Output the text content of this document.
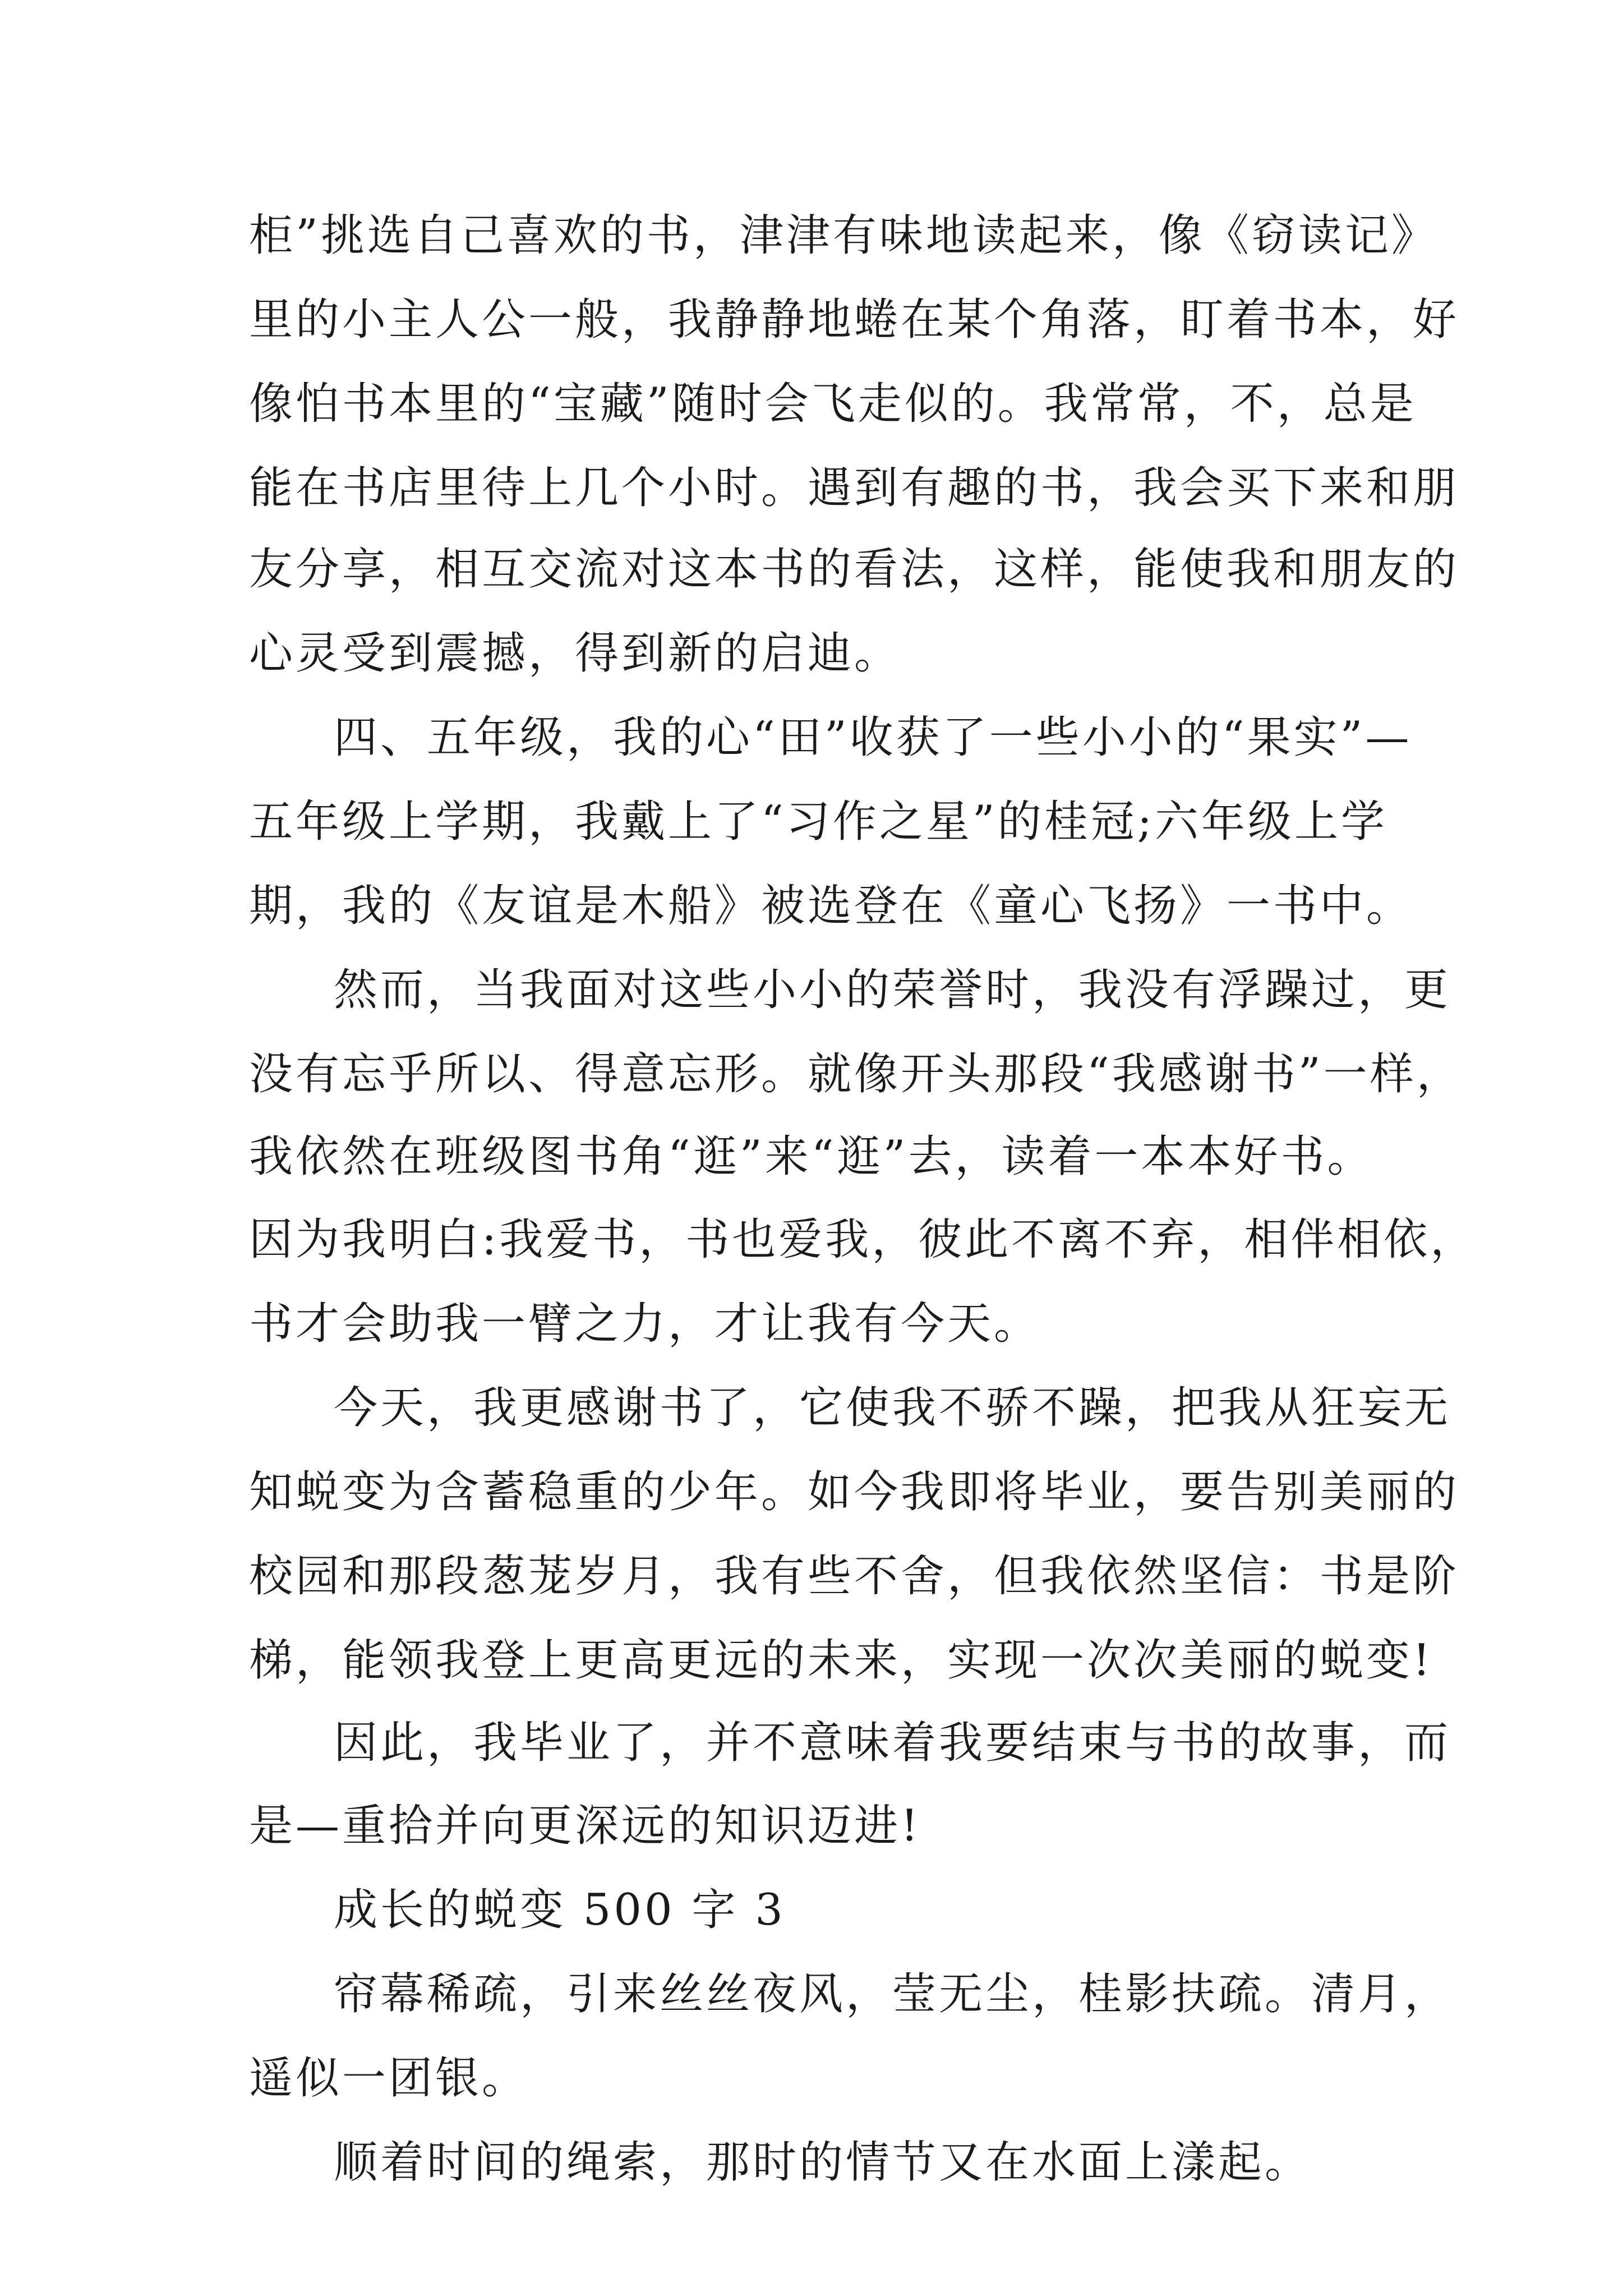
柜”挑选自己喜欢的书，津津有味地读起来，像《窃读记》
里的小主人公一般，我静静地蜷在某个角落，盯着书本，好
像怕书本里的“宝藏”随时会飞走似的。我常常，不，总是
能在书店里待上几个小时。遇到有趣的书，我会买下来和朋
友分享，相互交流对这本书的看法，这样，能使我和朋友的
心灵受到震撼，得到新的启迪。
四、五年级，我的心“田”收获了一些小小的“果实”—
五年级上学期，我戴上了“习作之星”的桂冠;六年级上学
期，我的《友谊是木船》被选登在《童心飞扬》一书中。
然而，当我面对这些小小的荣誉时，我没有浮躁过，更
没有忘乎所以、得意忘形。就像开头那段“我感谢书”一样，
我依然在班级图书角“逛”来“逛”去，读着一本本好书。
因为我明白:我爱书，书也爱我，彼此不离不弃，相伴相依，
书才会助我一臂之力，才让我有今天。
今天，我更感谢书了，它使我不骄不躁，把我从狂妄无
知蜕变为含蓄稳重的少年。如今我即将毕业，要告别美丽的
校园和那段葱茏岁月，我有些不舍，但我依然坚信：书是阶
梯，能领我登上更高更远的未来，实现一次次美丽的蜕变!
因此，我毕业了，并不意味着我要结束与书的故事，而
是—重拾并向更深远的知识迈进!
成长的蜕变 500 字 3
帘幕稀疏，引来丝丝夜风，莹无尘，桂影扶疏。清月，
遥似一团银。
顺着时间的绳索，那时的情节又在水面上漾起。
